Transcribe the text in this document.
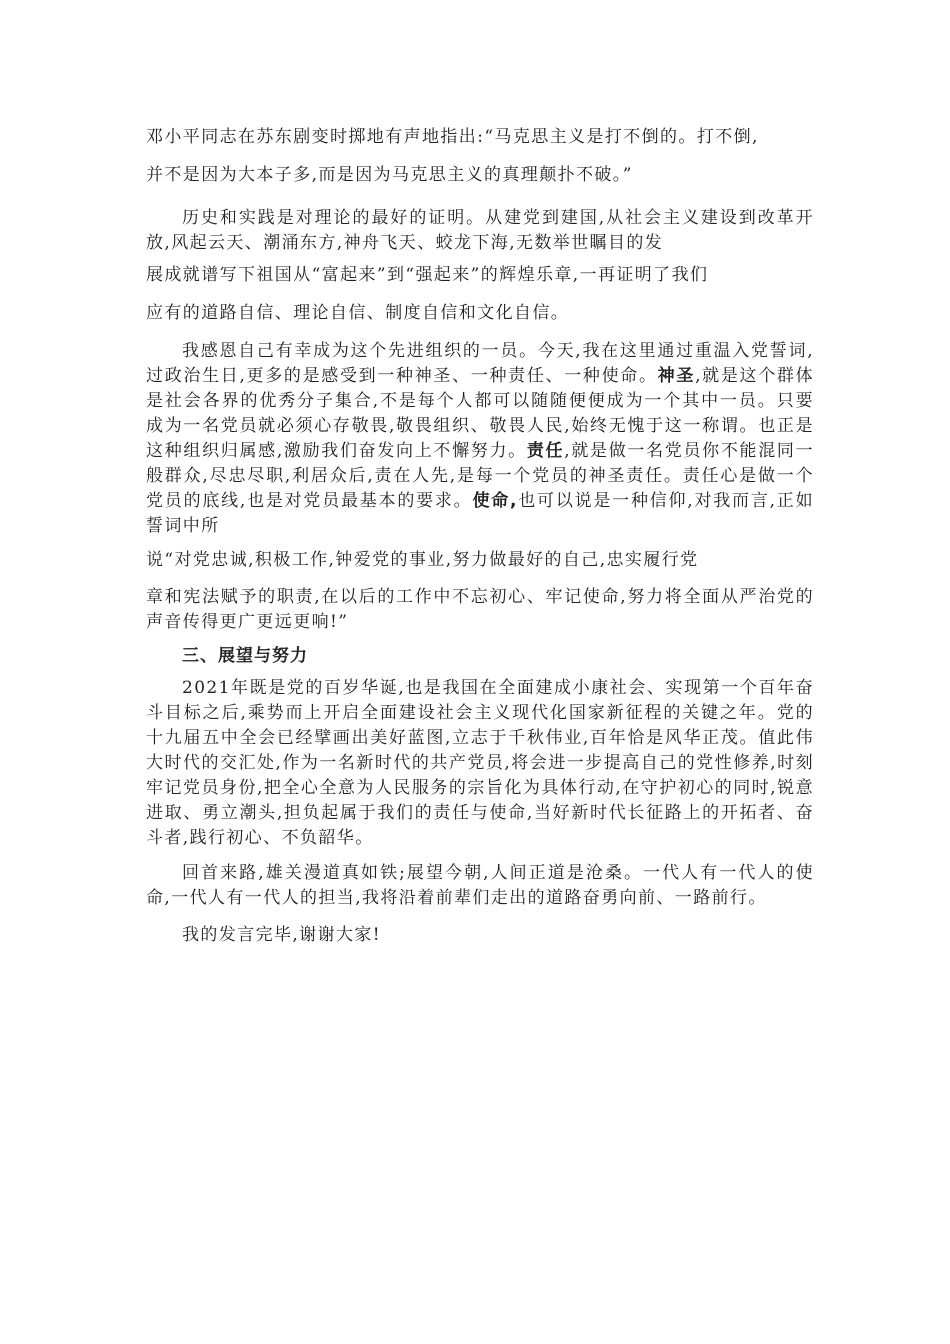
邓小平同志在苏东剧变时掷地有声地指出:“马克思主义是打不倒的。打不倒,
并不是因为大本子多,而是因为马克思主义的真理颠扑不破。”

历史和实践是对理论的最好的证明。从建党到建国,从社会主义建设到改革开放,风起云天、潮涌东方,神舟飞天、蛟龙下海,无数举世瞩目的发

展成就谱写下祖国从“富起来”到“强起来”的辉煌乐章,一再证明了我们
应有的道路自信、理论自信、制度自信和文化自信。

我感恩自己有幸成为这个先进组织的一员。今天,我在这里通过重温入党誓词,过政治生日,更多的是感受到一种神圣、一种责任、一种使命。神圣,就是这个群体是社会各界的优秀分子集合,不是每个人都可以随随便便成为一个其中一员。只要成为一名党员就必须心存敬畏,敬畏组织、敬畏人民,始终无愧于这一称谓。也正是这种组织归属感,激励我们奋发向上不懈努力。责任,就是做一名党员你不能混同一般群众,尽忠尽职,利居众后,责在人先,是每一个党员的神圣责任。责任心是做一个党员的底线,也是对党员最基本的要求。使命,也可以说是一种信仰,对我而言,正如誓词中所

说“对党忠诚,积极工作,钟爱党的事业,努力做最好的自己,忠实履行党
章和宪法赋予的职责,在以后的工作中不忘初心、牢记使命,努力将全面从严治党的声音传得更广更远更响!”

三、展望与努力

2021年既是党的百岁华诞,也是我国在全面建成小康社会、实现第一个百年奋斗目标之后,乘势而上开启全面建设社会主义现代化国家新征程的关键之年。党的十九届五中全会已经擘画出美好蓝图,立志于千秋伟业,百年恰是风华正茂。值此伟大时代的交汇处,作为一名新时代的共产党员,将会进一步提高自己的党性修养,时刻牢记党员身份,把全心全意为人民服务的宗旨化为具体行动,在守护初心的同时,锐意进取、勇立潮头,担负起属于我们的责任与使命,当好新时代长征路上的开拓者、奋斗者,践行初心、不负韶华。

回首来路,雄关漫道真如铁;展望今朝,人间正道是沧桑。一代人有一代人的使命,一代人有一代人的担当,我将沿着前辈们走出的道路奋勇向前、一路前行。

我的发言完毕,谢谢大家!
